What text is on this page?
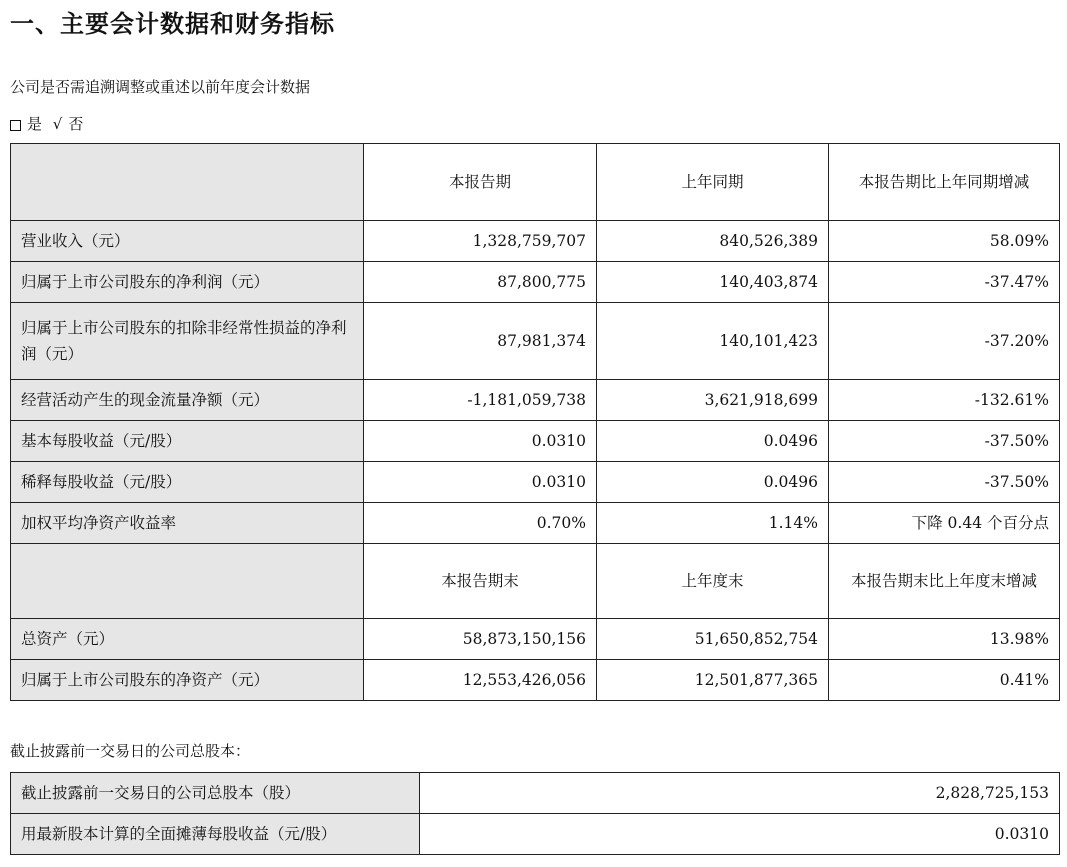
一、主要会计数据和财务指标
公司是否需追溯调整或重述以前年度会计数据
是 √ 否
	本报告期	上年同期	本报告期比上年同期增减
营业收入（元）	1,328,759,707	840,526,389	58.09%
归属于上市公司股东的净利润（元）	87,800,775	140,403,874	-37.47%
归属于上市公司股东的扣除非经常性损益的净利润（元）	87,981,374	140,101,423	-37.20%
经营活动产生的现金流量净额（元）	-1,181,059,738	3,621,918,699	-132.61%
基本每股收益（元/股）	0.0310	0.0496	-37.50%
稀释每股收益（元/股）	0.0310	0.0496	-37.50%
加权平均净资产收益率	0.70%	1.14%	下降 0.44 个百分点
	本报告期末	上年度末	本报告期末比上年度末增减
总资产（元）	58,873,150,156	51,650,852,754	13.98%
归属于上市公司股东的净资产（元）	12,553,426,056	12,501,877,365	0.41%
截止披露前一交易日的公司总股本：
截止披露前一交易日的公司总股本（股）	2,828,725,153
用最新股本计算的全面摊薄每股收益（元/股）	0.0310
